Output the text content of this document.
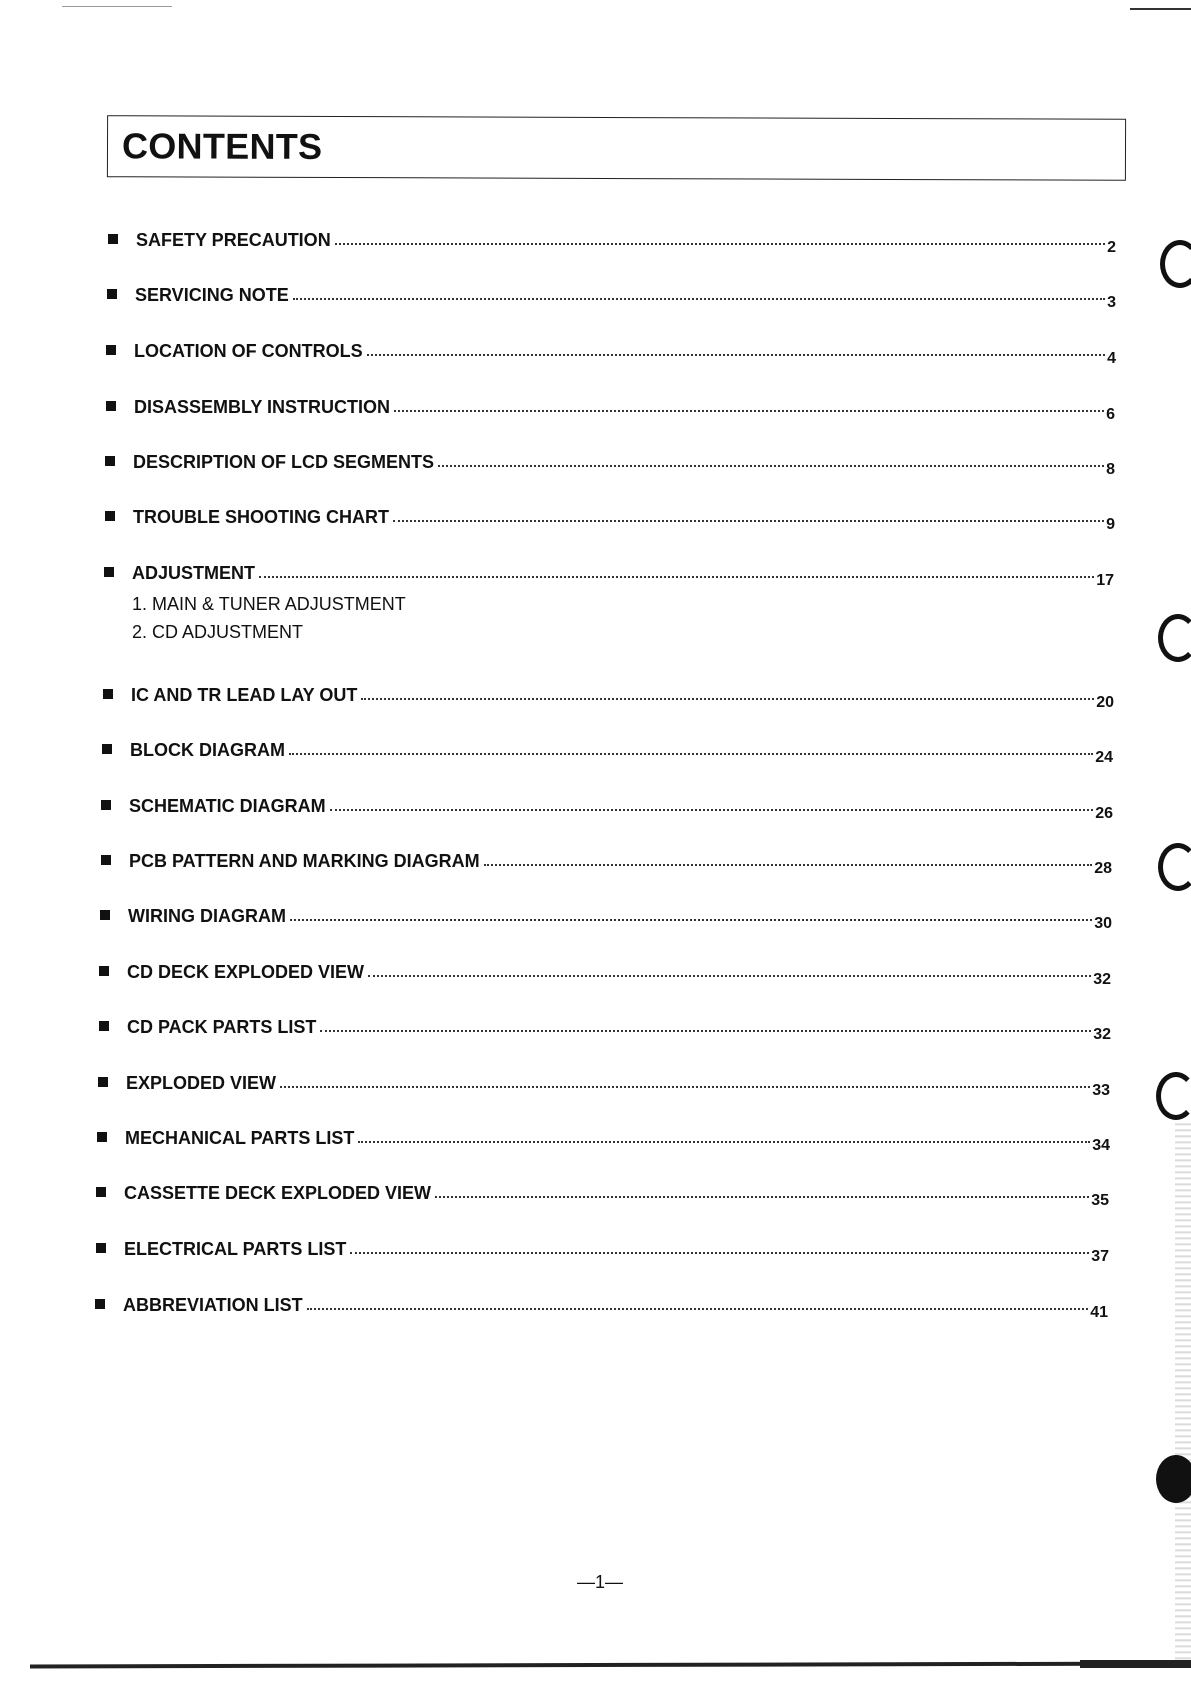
CONTENTS
SAFETY PRECAUTION	2
SERVICING NOTE	3
LOCATION OF CONTROLS	4
DISASSEMBLY INSTRUCTION	6
DESCRIPTION OF LCD SEGMENTS	8
TROUBLE SHOOTING CHART	9
ADJUSTMENT	17
1. MAIN & TUNER ADJUSTMENT
2. CD ADJUSTMENT
IC AND TR LEAD LAY OUT	20
BLOCK DIAGRAM	24
SCHEMATIC DIAGRAM	26
PCB PATTERN AND MARKING DIAGRAM	28
WIRING DIAGRAM	30
CD DECK EXPLODED VIEW	32
CD PACK PARTS LIST	32
EXPLODED VIEW	33
MECHANICAL PARTS LIST	34
CASSETTE DECK EXPLODED VIEW	35
ELECTRICAL PARTS LIST	37
ABBREVIATION LIST	41
—1—
